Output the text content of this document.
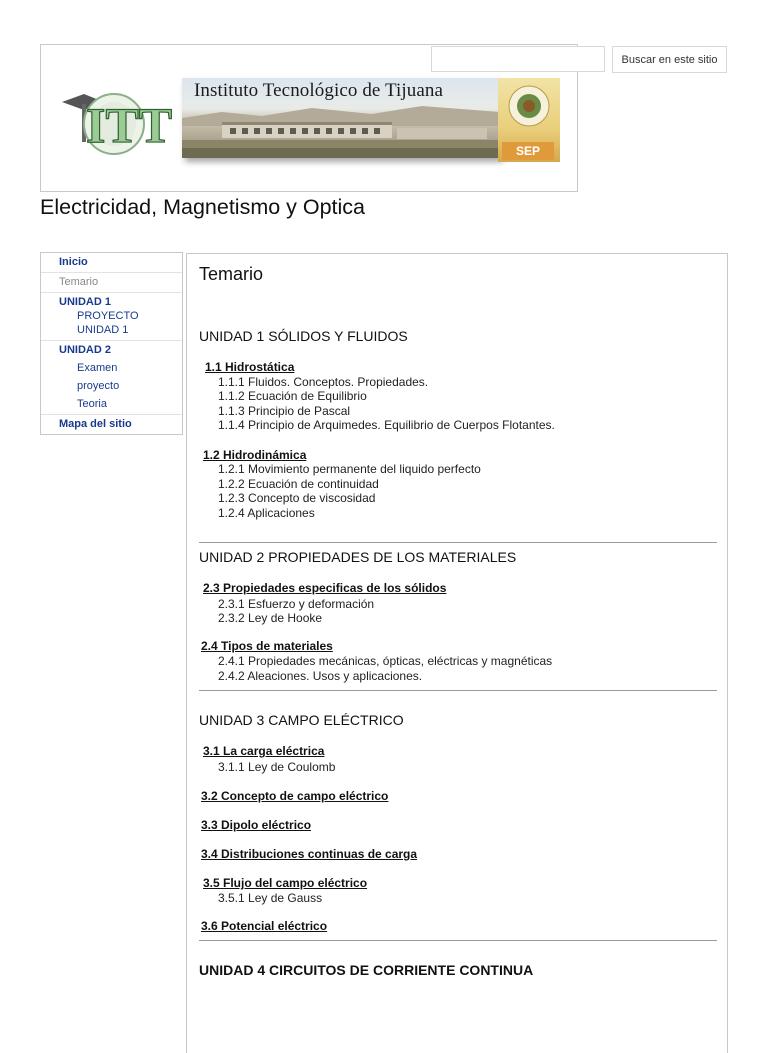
Buscar en este sitio
Instituto Tecnológico de Tijuana
ITT	SEP
Electricidad, Magnetismo y Optica
Inicio
Temario
UNIDAD 1
PROYECTO
UNIDAD 1
UNIDAD 2
Examen
proyecto
Teoria
Mapa del sitio
Temario
UNIDAD 1 SÓLIDOS Y FLUIDOS
1.1 Hidrostática
1.1.1 Fluidos. Conceptos. Propiedades.
1.1.2 Ecuación de Equilibrio
1.1.3 Principio de Pascal
1.1.4 Principio de Arquimedes. Equilibrio de Cuerpos Flotantes.
1.2 Hidrodinámica
1.2.1 Movimiento permanente del liquido perfecto
1.2.2 Ecuación de continuidad
1.2.3 Concepto de viscosidad
1.2.4 Aplicaciones
UNIDAD 2 PROPIEDADES DE LOS MATERIALES
2.3 Propiedades especificas de los sólidos
2.3.1 Esfuerzo y deformación
2.3.2 Ley de Hooke
2.4 Tipos de materiales
2.4.1 Propiedades mecánicas, ópticas, eléctricas y magnéticas
2.4.2 Aleaciones. Usos y aplicaciones.
UNIDAD 3 CAMPO ELÉCTRICO
3.1 La carga eléctrica
3.1.1 Ley de Coulomb
3.2 Concepto de campo eléctrico
3.3 Dipolo eléctrico
3.4 Distribuciones continuas de carga
3.5 Flujo del campo eléctrico
3.5.1 Ley de Gauss
3.6 Potencial eléctrico
UNIDAD 4 CIRCUITOS DE CORRIENTE CONTINUA
